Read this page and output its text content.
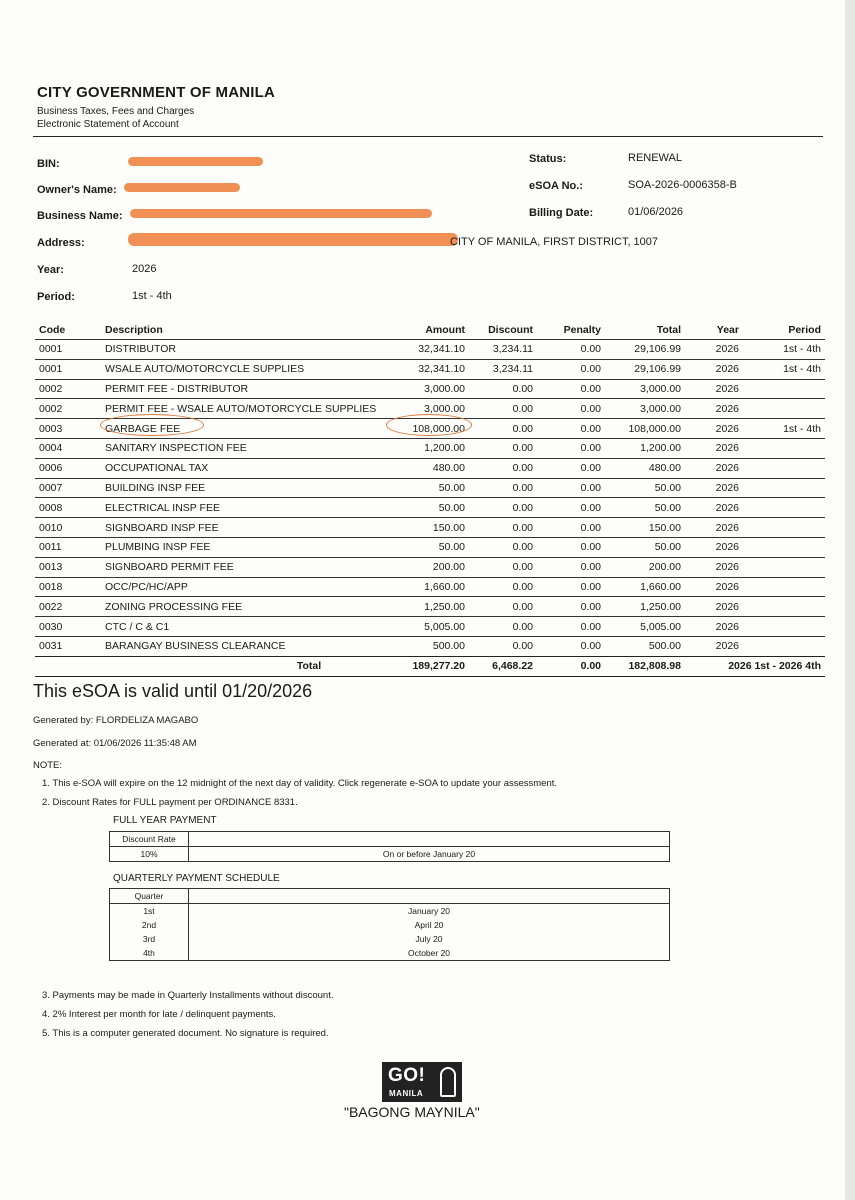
CITY GOVERNMENT OF MANILA
Business Taxes, Fees and Charges
Electronic Statement of Account
BIN:
Owner's Name:
Business Name:
Address:	CITY OF MANILA, FIRST DISTRICT, 1007
Year:	2026
Period:	1st - 4th
Status:	RENEWAL
eSOA No.:	SOA-2026-0006358-B
Billing Date:	01/06/2026
Code	Description	Amount	Discount	Penalty	Total	Year	Period
0001	DISTRIBUTOR	32,341.10	3,234.11	0.00	29,106.99	2026	1st - 4th
0001	WSALE AUTO/MOTORCYCLE SUPPLIES	32,341.10	3,234.11	0.00	29,106.99	2026	1st - 4th
0002	PERMIT FEE - DISTRIBUTOR	3,000.00	0.00	0.00	3,000.00	2026	
0002	PERMIT FEE - WSALE AUTO/MOTORCYCLE SUPPLIES	3,000.00	0.00	0.00	3,000.00	2026	
0003	GARBAGE FEE	108,000.00	0.00	0.00	108,000.00	2026	1st - 4th
0004	SANITARY INSPECTION FEE	1,200.00	0.00	0.00	1,200.00	2026	
0006	OCCUPATIONAL TAX	480.00	0.00	0.00	480.00	2026	
0007	BUILDING INSP FEE	50.00	0.00	0.00	50.00	2026	
0008	ELECTRICAL INSP FEE	50.00	0.00	0.00	50.00	2026	
0010	SIGNBOARD INSP FEE	150.00	0.00	0.00	150.00	2026	
0011	PLUMBING INSP FEE	50.00	0.00	0.00	50.00	2026	
0013	SIGNBOARD PERMIT FEE	200.00	0.00	0.00	200.00	2026	
0018	OCC/PC/HC/APP	1,660.00	0.00	0.00	1,660.00	2026	
0022	ZONING PROCESSING FEE	1,250.00	0.00	0.00	1,250.00	2026	
0030	CTC / C & C1	5,005.00	0.00	0.00	5,005.00	2026	
0031	BARANGAY BUSINESS CLEARANCE	500.00	0.00	0.00	500.00	2026	
	Total	189,277.20	6,468.22	0.00	182,808.98	2026 1st - 2026 4th	
This eSOA is valid until 01/20/2026
Generated by: FLORDELIZA MAGABO
Generated at: 01/06/2026 11:35:48 AM
NOTE:
1. This e-SOA will expire on the 12 midnight of the next day of validity. Click regenerate e-SOA to update your assessment.
2. Discount Rates for FULL payment per ORDINANCE 8331.
FULL YEAR PAYMENT
Discount Rate	
10%	On or before January 20
QUARTERLY PAYMENT SCHEDULE
Quarter	
1st	January 20
2nd	April 20
3rd	July 20
4th	October 20
3. Payments may be made in Quarterly Installments without discount.
4. 2% Interest per month for late / delinquent payments.
5. This is a computer generated document. No signature is required.
GO!
MANILA
"BAGONG MAYNILA"
